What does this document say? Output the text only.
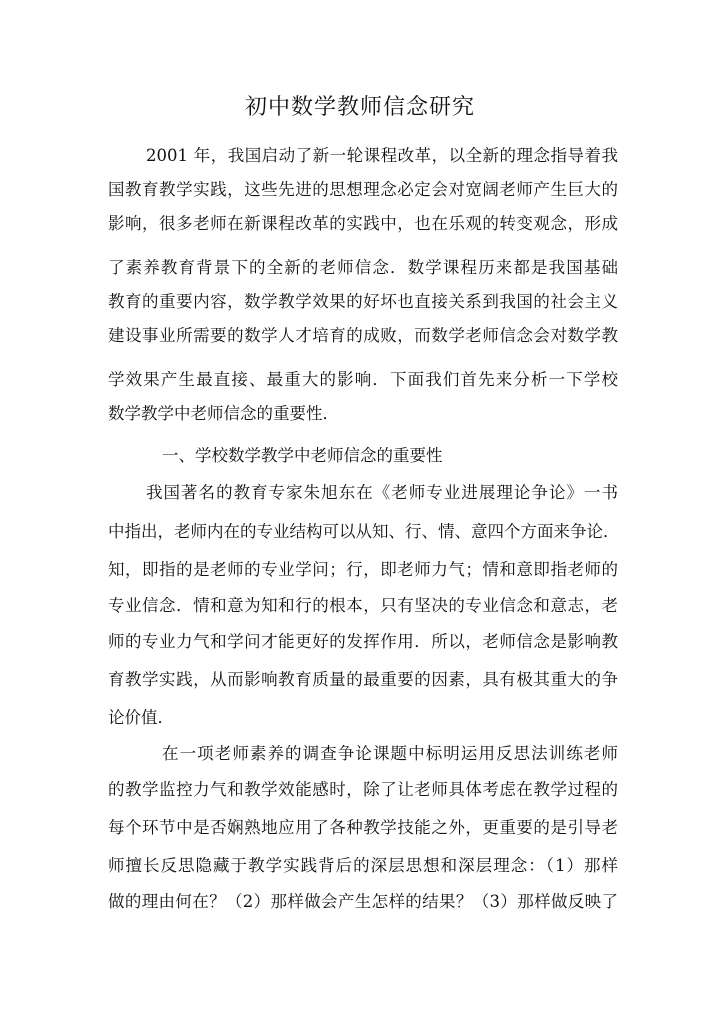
初中数学教师信念研究
2001 年，我国启动了新一轮课程改革，以全新的理念指导着我
国教育教学实践，这些先进的思想理念必定会对宽阔老师产生巨大的
影响，很多老师在新课程改革的实践中，也在乐观的转变观念，形成
了素养教育背景下的全新的老师信念．数学课程历来都是我国基础
教育的重要内容，数学教学效果的好坏也直接关系到我国的社会主义
建设事业所需要的数学人才培育的成败，而数学老师信念会对数学教
学效果产生最直接、最重大的影响．下面我们首先来分析一下学校
数学教学中老师信念的重要性．
一、学校数学教学中老师信念的重要性
我国著名的教育专家朱旭东在《老师专业进展理论争论》一书
中指出，老师内在的专业结构可以从知、行、情、意四个方面来争论．
知，即指的是老师的专业学问；行，即老师力气；情和意即指老师的
专业信念．情和意为知和行的根本，只有坚决的专业信念和意志，老
师的专业力气和学问才能更好的发挥作用．所以，老师信念是影响教
育教学实践，从而影响教育质量的最重要的因素，具有极其重大的争
论价值．
在一项老师素养的调查争论课题中标明运用反思法训练老师
的教学监控力气和教学效能感时，除了让老师具体考虑在教学过程的
每个环节中是否娴熟地应用了各种教学技能之外，更重要的是引导老
师擅长反思隐藏于教学实践背后的深层思想和深层理念：（1）那样
做的理由何在？（2）那样做会产生怎样的结果？（3）那样做反映了
